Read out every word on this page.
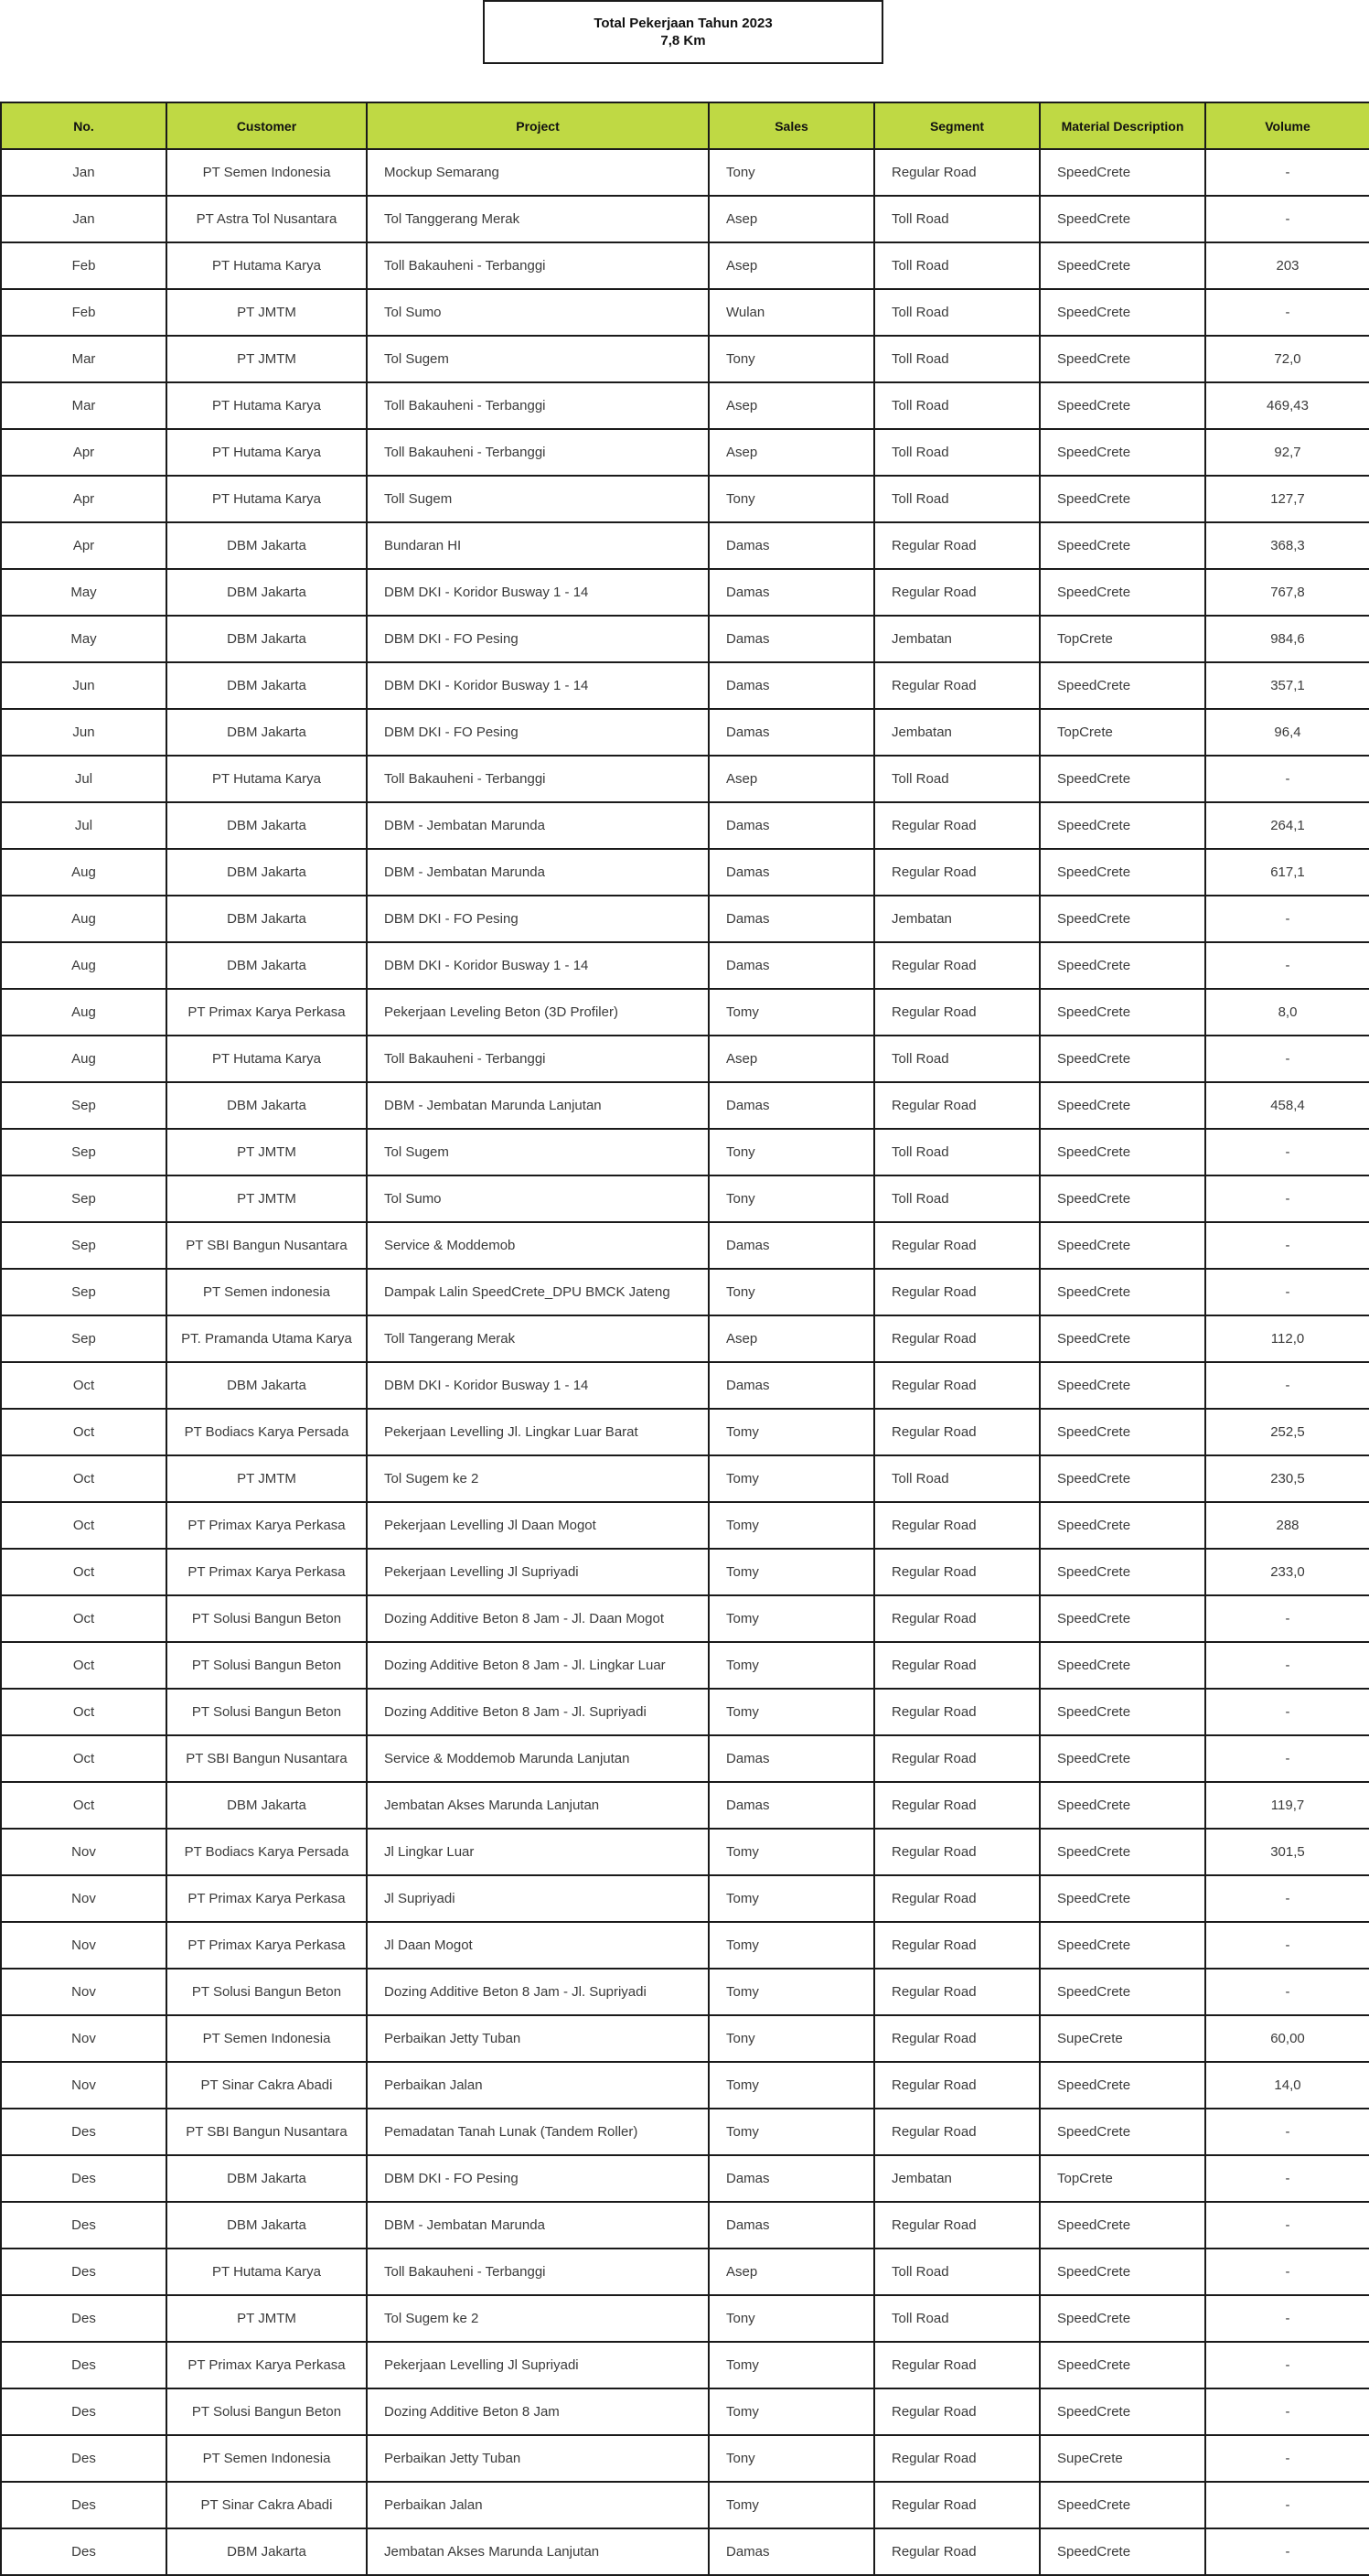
Total Pekerjaan Tahun 2023
7,8 Km
No.	Customer	Project	Sales	Segment	Material Description	Volume
Jan	PT Semen Indonesia	Mockup Semarang	Tony	Regular Road	SpeedCrete	-
Jan	PT Astra Tol Nusantara	Tol Tanggerang Merak	Asep	Toll Road	SpeedCrete	-
Feb	PT Hutama Karya	Toll Bakauheni - Terbanggi	Asep	Toll Road	SpeedCrete	203
Feb	PT JMTM	Tol Sumo	Wulan	Toll Road	SpeedCrete	-
Mar	PT JMTM	Tol Sugem	Tony	Toll Road	SpeedCrete	72,0
Mar	PT Hutama Karya	Toll Bakauheni - Terbanggi	Asep	Toll Road	SpeedCrete	469,43
Apr	PT Hutama Karya	Toll Bakauheni - Terbanggi	Asep	Toll Road	SpeedCrete	92,7
Apr	PT Hutama Karya	Toll Sugem	Tony	Toll Road	SpeedCrete	127,7
Apr	DBM Jakarta	Bundaran HI	Damas	Regular Road	SpeedCrete	368,3
May	DBM Jakarta	DBM DKI - Koridor Busway 1 - 14	Damas	Regular Road	SpeedCrete	767,8
May	DBM Jakarta	DBM DKI - FO Pesing	Damas	Jembatan	TopCrete	984,6
Jun	DBM Jakarta	DBM DKI - Koridor Busway 1 - 14	Damas	Regular Road	SpeedCrete	357,1
Jun	DBM Jakarta	DBM DKI - FO Pesing	Damas	Jembatan	TopCrete	96,4
Jul	PT Hutama Karya	Toll Bakauheni - Terbanggi	Asep	Toll Road	SpeedCrete	-
Jul	DBM Jakarta	DBM - Jembatan Marunda	Damas	Regular Road	SpeedCrete	264,1
Aug	DBM Jakarta	DBM - Jembatan Marunda	Damas	Regular Road	SpeedCrete	617,1
Aug	DBM Jakarta	DBM DKI - FO Pesing	Damas	Jembatan	SpeedCrete	-
Aug	DBM Jakarta	DBM DKI - Koridor Busway 1 - 14	Damas	Regular Road	SpeedCrete	-
Aug	PT Primax Karya Perkasa	Pekerjaan Leveling Beton (3D Profiler)	Tomy	Regular Road	SpeedCrete	8,0
Aug	PT Hutama Karya	Toll Bakauheni - Terbanggi	Asep	Toll Road	SpeedCrete	-
Sep	DBM Jakarta	DBM - Jembatan Marunda Lanjutan	Damas	Regular Road	SpeedCrete	458,4
Sep	PT JMTM	Tol Sugem	Tony	Toll Road	SpeedCrete	-
Sep	PT JMTM	Tol Sumo	Tony	Toll Road	SpeedCrete	-
Sep	PT SBI Bangun Nusantara	Service & Moddemob	Damas	Regular Road	SpeedCrete	-
Sep	PT Semen indonesia	Dampak Lalin SpeedCrete_DPU BMCK Jateng	Tony	Regular Road	SpeedCrete	-
Sep	PT. Pramanda Utama Karya	Toll Tangerang Merak	Asep	Regular Road	SpeedCrete	112,0
Oct	DBM Jakarta	DBM DKI - Koridor Busway 1 - 14	Damas	Regular Road	SpeedCrete	-
Oct	PT Bodiacs Karya Persada	Pekerjaan Levelling Jl. Lingkar Luar Barat	Tomy	Regular Road	SpeedCrete	252,5
Oct	PT JMTM	Tol Sugem ke 2	Tomy	Toll Road	SpeedCrete	230,5
Oct	PT Primax Karya Perkasa	Pekerjaan Levelling Jl Daan Mogot	Tomy	Regular Road	SpeedCrete	288
Oct	PT Primax Karya Perkasa	Pekerjaan Levelling Jl Supriyadi	Tomy	Regular Road	SpeedCrete	233,0
Oct	PT Solusi Bangun Beton	Dozing Additive Beton 8 Jam - Jl. Daan Mogot	Tomy	Regular Road	SpeedCrete	-
Oct	PT Solusi Bangun Beton	Dozing Additive Beton 8 Jam - Jl. Lingkar Luar	Tomy	Regular Road	SpeedCrete	-
Oct	PT Solusi Bangun Beton	Dozing Additive Beton 8 Jam - Jl. Supriyadi	Tomy	Regular Road	SpeedCrete	-
Oct	PT SBI Bangun Nusantara	Service & Moddemob Marunda Lanjutan	Damas	Regular Road	SpeedCrete	-
Oct	DBM Jakarta	Jembatan Akses Marunda Lanjutan	Damas	Regular Road	SpeedCrete	119,7
Nov	PT Bodiacs Karya Persada	Jl Lingkar Luar	Tomy	Regular Road	SpeedCrete	301,5
Nov	PT Primax Karya Perkasa	Jl Supriyadi	Tomy	Regular Road	SpeedCrete	-
Nov	PT Primax Karya Perkasa	Jl Daan Mogot	Tomy	Regular Road	SpeedCrete	-
Nov	PT Solusi Bangun Beton	Dozing Additive Beton 8 Jam - Jl. Supriyadi	Tomy	Regular Road	SpeedCrete	-
Nov	PT Semen Indonesia	Perbaikan Jetty Tuban	Tony	Regular Road	SupeCrete	60,00
Nov	PT Sinar Cakra Abadi	Perbaikan Jalan	Tomy	Regular Road	SpeedCrete	14,0
Des	PT SBI Bangun Nusantara	Pemadatan Tanah Lunak (Tandem Roller)	Tomy	Regular Road	SpeedCrete	-
Des	DBM Jakarta	DBM DKI - FO Pesing	Damas	Jembatan	TopCrete	-
Des	DBM Jakarta	DBM - Jembatan Marunda	Damas	Regular Road	SpeedCrete	-
Des	PT Hutama Karya	Toll Bakauheni - Terbanggi	Asep	Toll Road	SpeedCrete	-
Des	PT JMTM	Tol Sugem ke 2	Tony	Toll Road	SpeedCrete	-
Des	PT Primax Karya Perkasa	Pekerjaan Levelling Jl Supriyadi	Tomy	Regular Road	SpeedCrete	-
Des	PT Solusi Bangun Beton	Dozing Additive Beton 8 Jam	Tomy	Regular Road	SpeedCrete	-
Des	PT Semen Indonesia	Perbaikan Jetty Tuban	Tony	Regular Road	SupeCrete	-
Des	PT Sinar Cakra Abadi	Perbaikan Jalan	Tomy	Regular Road	SpeedCrete	-
Des	DBM Jakarta	Jembatan Akses Marunda Lanjutan	Damas	Regular Road	SpeedCrete	-
